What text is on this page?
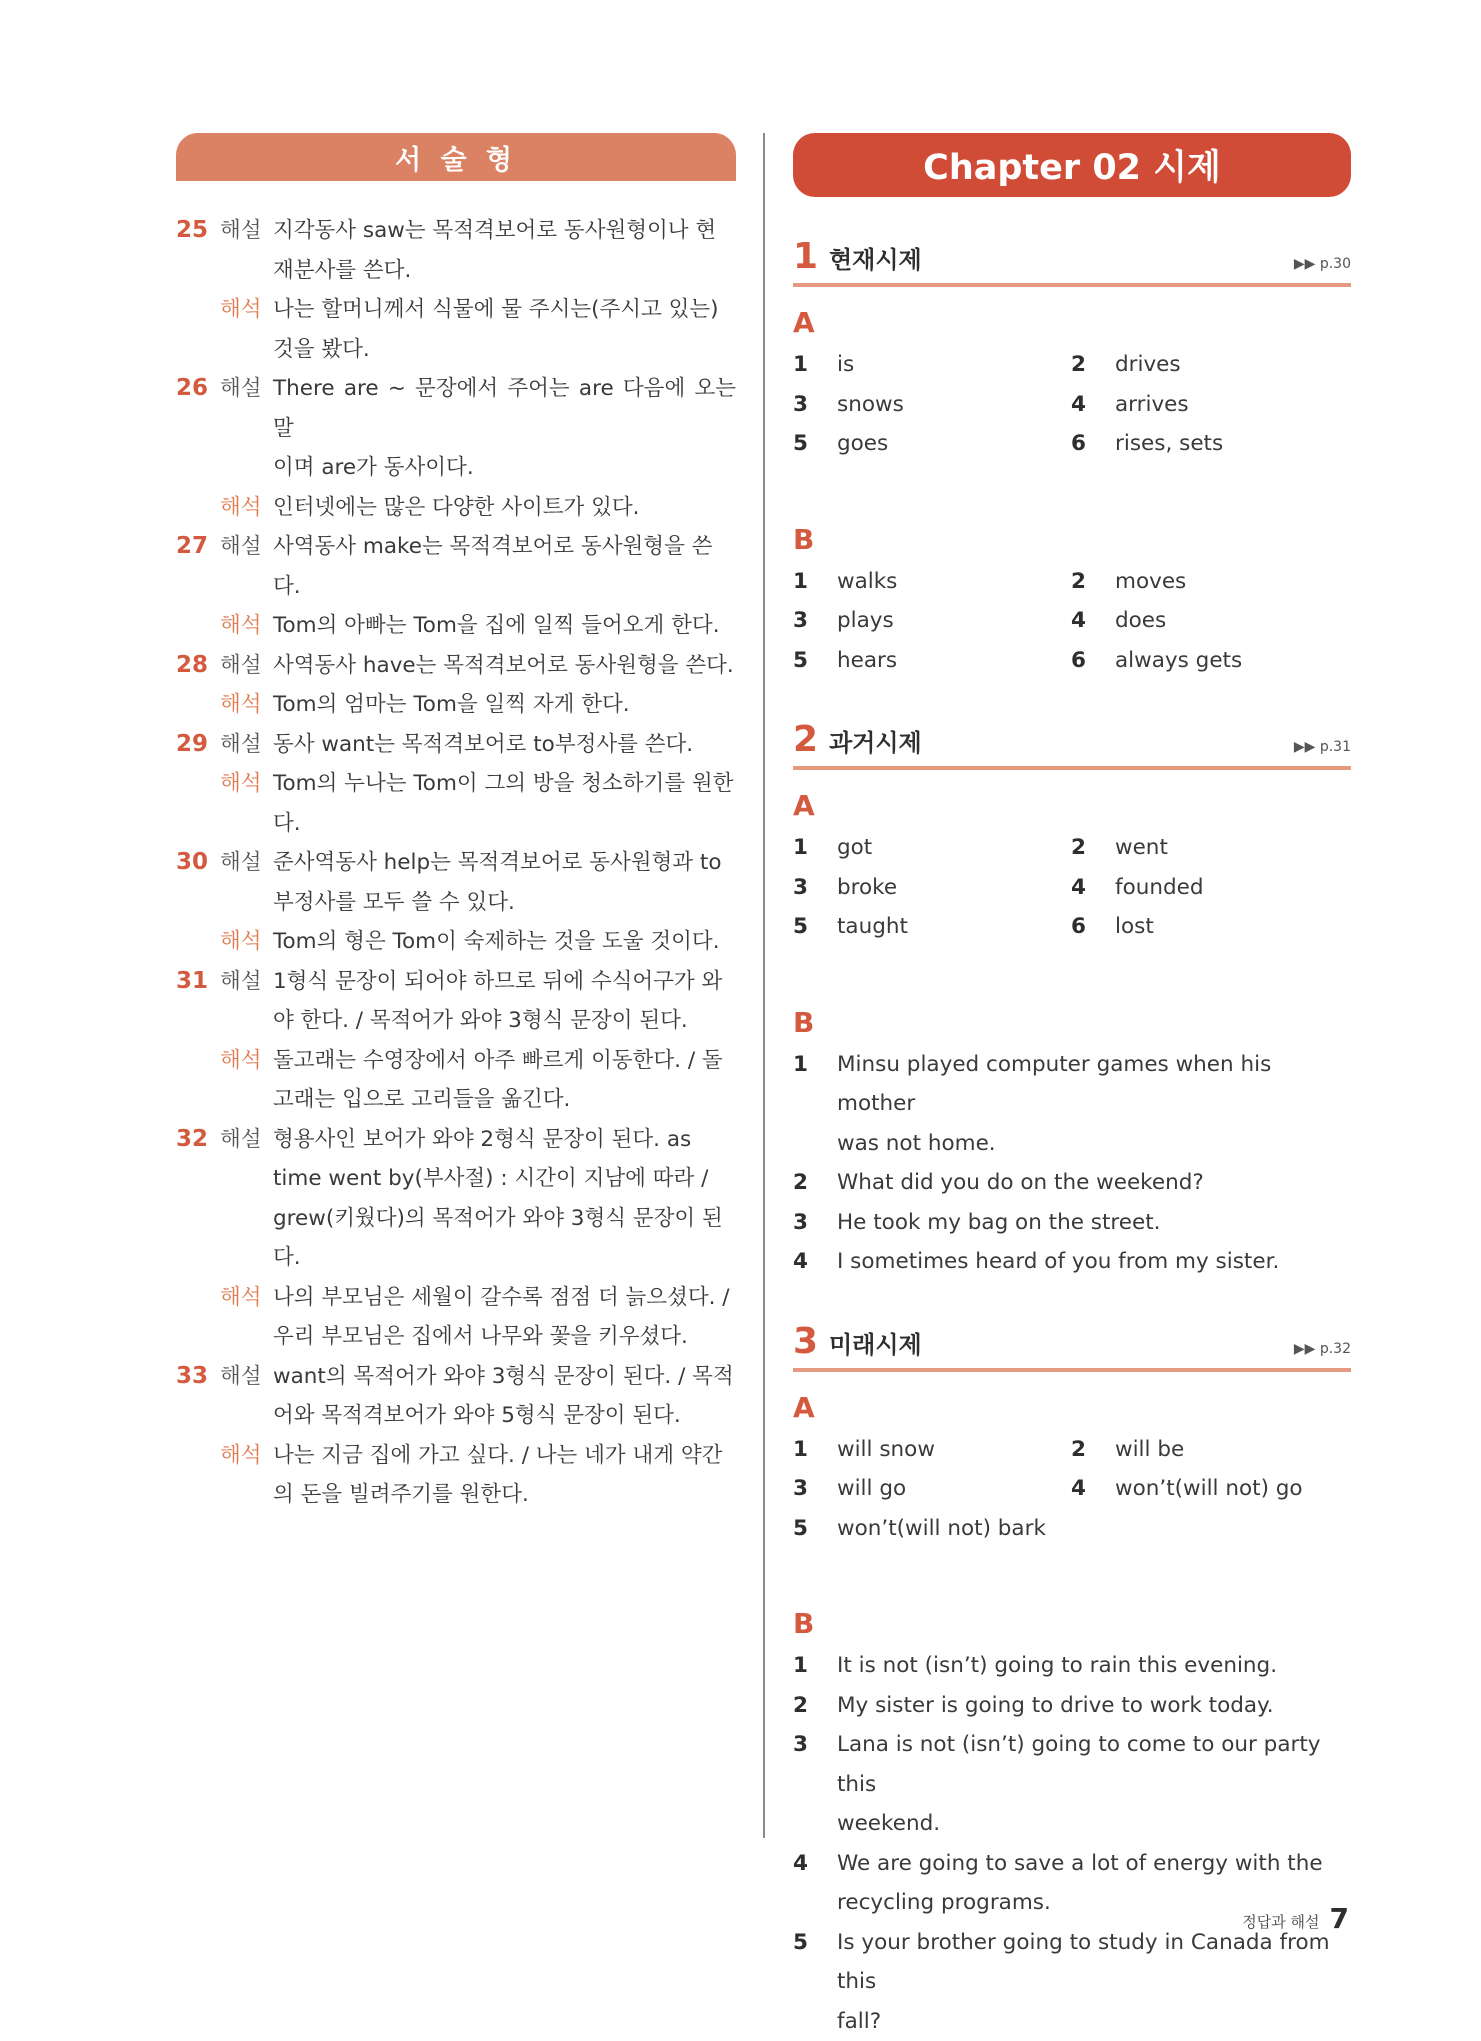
서 술 형
25 해설 지각동사 saw는 목적격보어로 동사원형이나 현
재분사를 쓴다.
해석 나는 할머니께서 식물에 물 주시는(주시고 있는)
것을 봤다.
26 해설 There are ~ 문장에서 주어는 are 다음에 오는 말
이며 are가 동사이다.
해석 인터넷에는 많은 다양한 사이트가 있다.
27 해설 사역동사 make는 목적격보어로 동사원형을 쓴
다.
해석 Tom의 아빠는 Tom을 집에 일찍 들어오게 한다.
28 해설 사역동사 have는 목적격보어로 동사원형을 쓴다.
해석 Tom의 엄마는 Tom을 일찍 자게 한다.
29 해설 동사 want는 목적격보어로 to부정사를 쓴다.
해석 Tom의 누나는 Tom이 그의 방을 청소하기를 원한
다.
30 해설 준사역동사 help는 목적격보어로 동사원형과 to
부정사를 모두 쓸 수 있다.
해석 Tom의 형은 Tom이 숙제하는 것을 도울 것이다.
31 해설 1형식 문장이 되어야 하므로 뒤에 수식어구가 와
야 한다. / 목적어가 와야 3형식 문장이 된다.
해석 돌고래는 수영장에서 아주 빠르게 이동한다. / 돌
고래는 입으로 고리들을 옮긴다.
32 해설 형용사인 보어가 와야 2형식 문장이 된다. as
time went by(부사절) : 시간이 지남에 따라 /
grew(키웠다)의 목적어가 와야 3형식 문장이 된
다.
해석 나의 부모님은 세월이 갈수록 점점 더 늙으셨다. /
우리 부모님은 집에서 나무와 꽃을 키우셨다.
33 해설 want의 목적어가 와야 3형식 문장이 된다. / 목적
어와 목적격보어가 와야 5형식 문장이 된다.
해석 나는 지금 집에 가고 싶다. / 나는 네가 내게 약간
의 돈을 빌려주기를 원한다.
Chapter 02 시제
1 현재시제	▶▶ p.30
A
1	is	2	drives
3	snows	4	arrives
5	goes	6	rises, sets
B
1	walks	2	moves
3	plays	4	does
5	hears	6	always gets
2 과거시제	▶▶ p.31
A
1	got	2	went
3	broke	4	founded
5	taught	6	lost
B
1	Minsu played computer games when his mother
was not home.
2	What did you do on the weekend?
3	He took my bag on the street.
4	I sometimes heard of you from my sister.
3 미래시제	▶▶ p.32
A
1	will snow	2	will be
3	will go	4	won’t(will not) go
5	won’t(will not) bark
B
1	It is not (isn’t) going to rain this evening.
2	My sister is going to drive to work today.
3	Lana is not (isn’t) going to come to our party this
weekend.
4	We are going to save a lot of energy with the
recycling programs.
5	Is your brother going to study in Canada from this
fall?
정답과 해설 7
